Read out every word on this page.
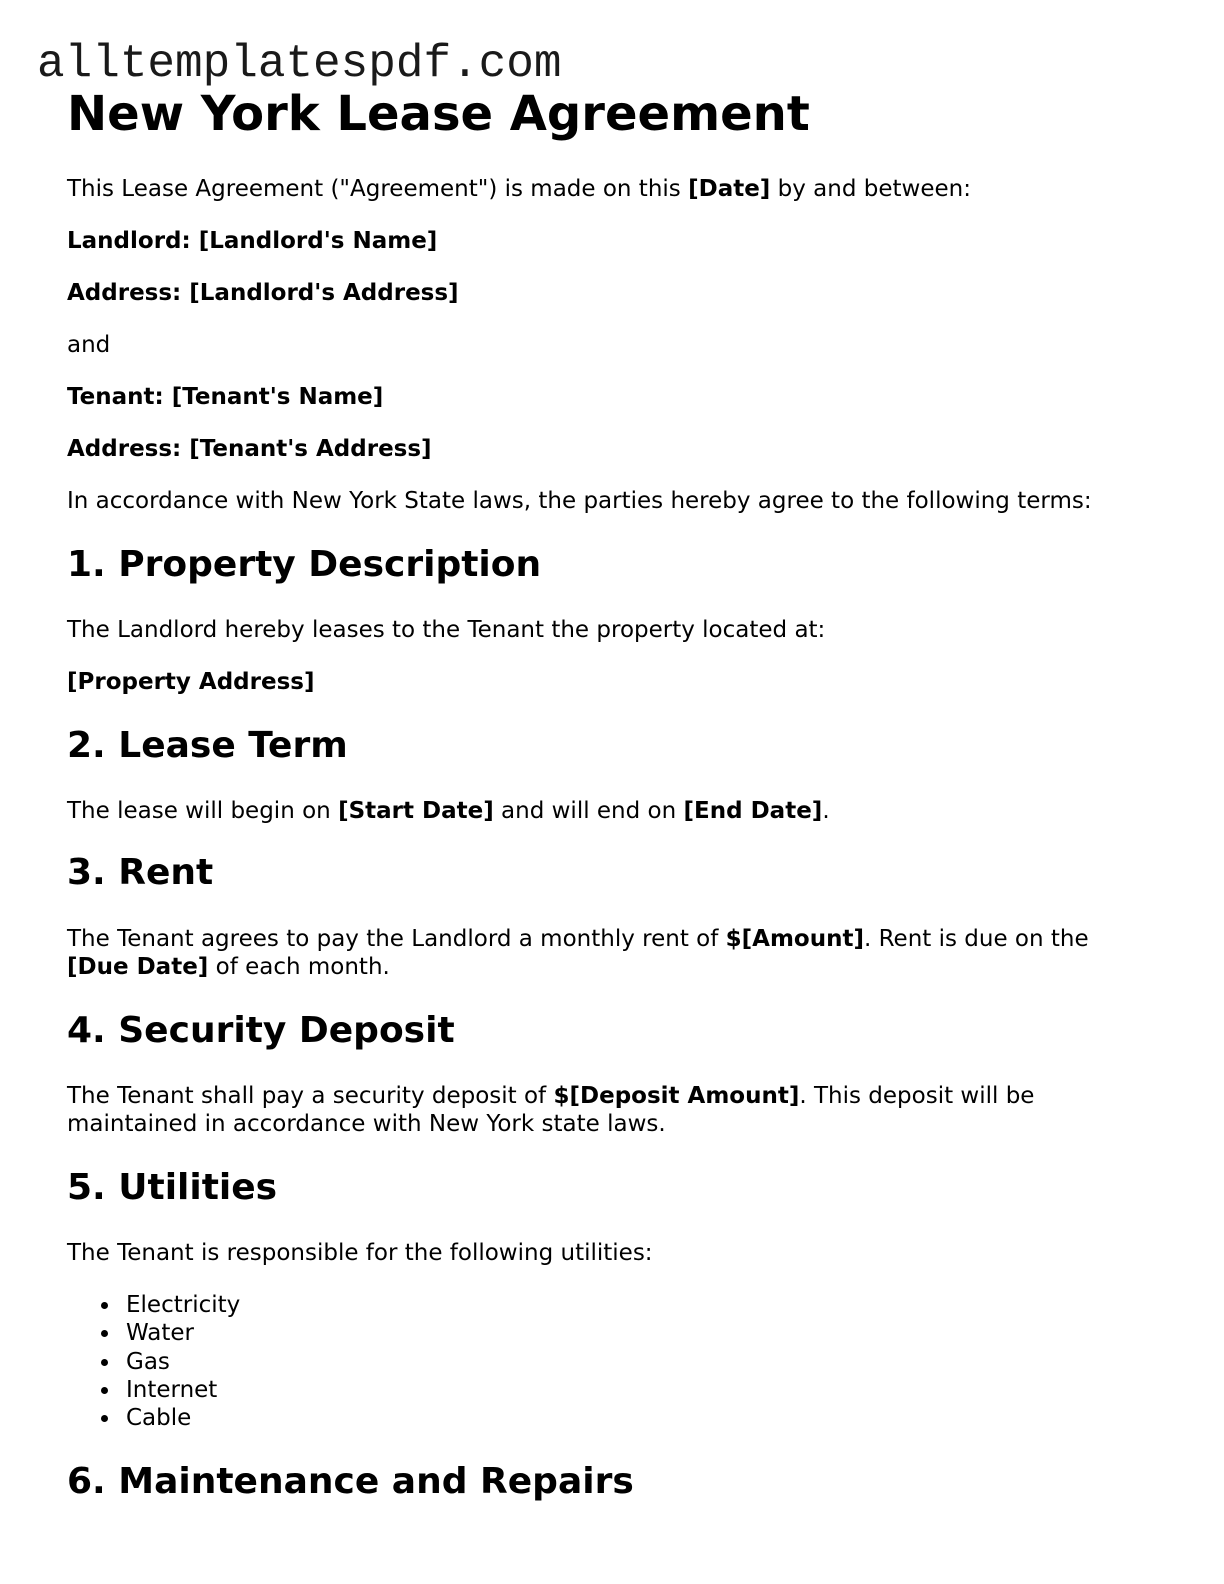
alltemplatespdf.com
New York Lease Agreement
This Lease Agreement ("Agreement") is made on this [Date] by and between:
Landlord: [Landlord's Name]
Address: [Landlord's Address]
and
Tenant: [Tenant's Name]
Address: [Tenant's Address]
In accordance with New York State laws, the parties hereby agree to the following terms:
1. Property Description
The Landlord hereby leases to the Tenant the property located at:
[Property Address]
2. Lease Term
The lease will begin on [Start Date] and will end on [End Date].
3. Rent
The Tenant agrees to pay the Landlord a monthly rent of $[Amount]. Rent is due on the
[Due Date] of each month.
4. Security Deposit
The Tenant shall pay a security deposit of $[Deposit Amount]. This deposit will be
maintained in accordance with New York state laws.
5. Utilities
The Tenant is responsible for the following utilities:
Electricity
Water
Gas
Internet
Cable
6. Maintenance and Repairs
